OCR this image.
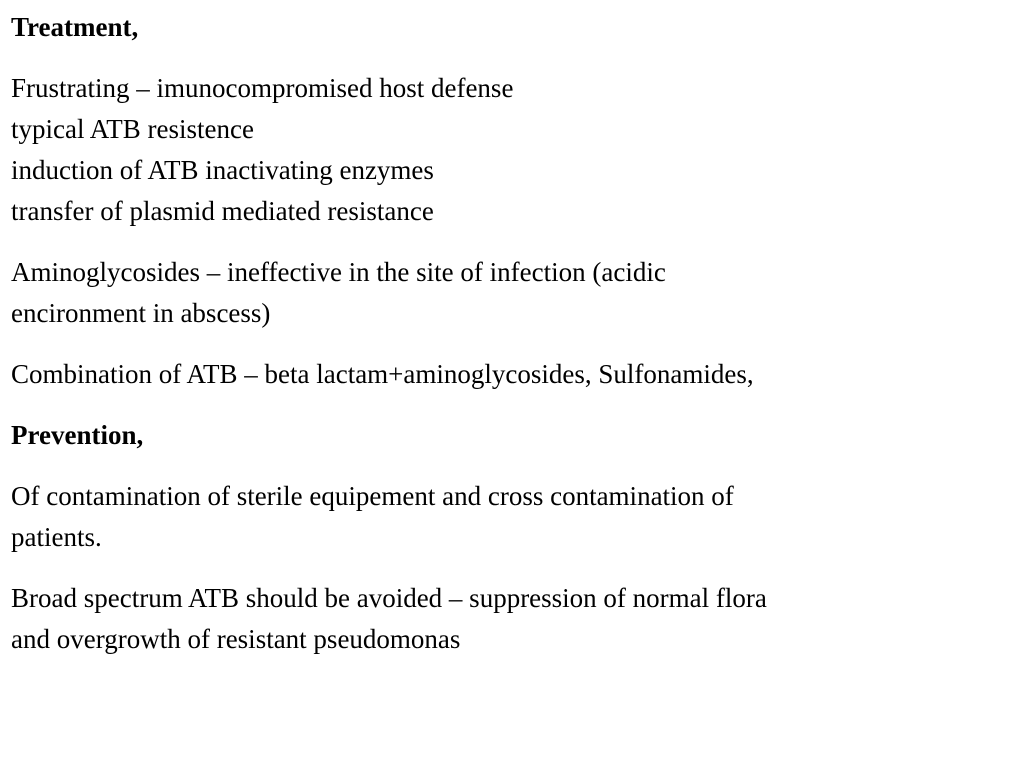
Treatment,

Frustrating – imunocompromised host defense
typical ATB resistence
induction of ATB inactivating enzymes
transfer of plasmid mediated resistance

Aminoglycosides – ineffective in the site of infection (acidic
encironment in abscess)

Combination of ATB – beta lactam+aminoglycosides, Sulfonamides,

Prevention,

Of contamination of sterile equipement and cross contamination of
patients.

Broad spectrum ATB should be avoided – suppression of normal flora
and overgrowth of resistant pseudomonas
